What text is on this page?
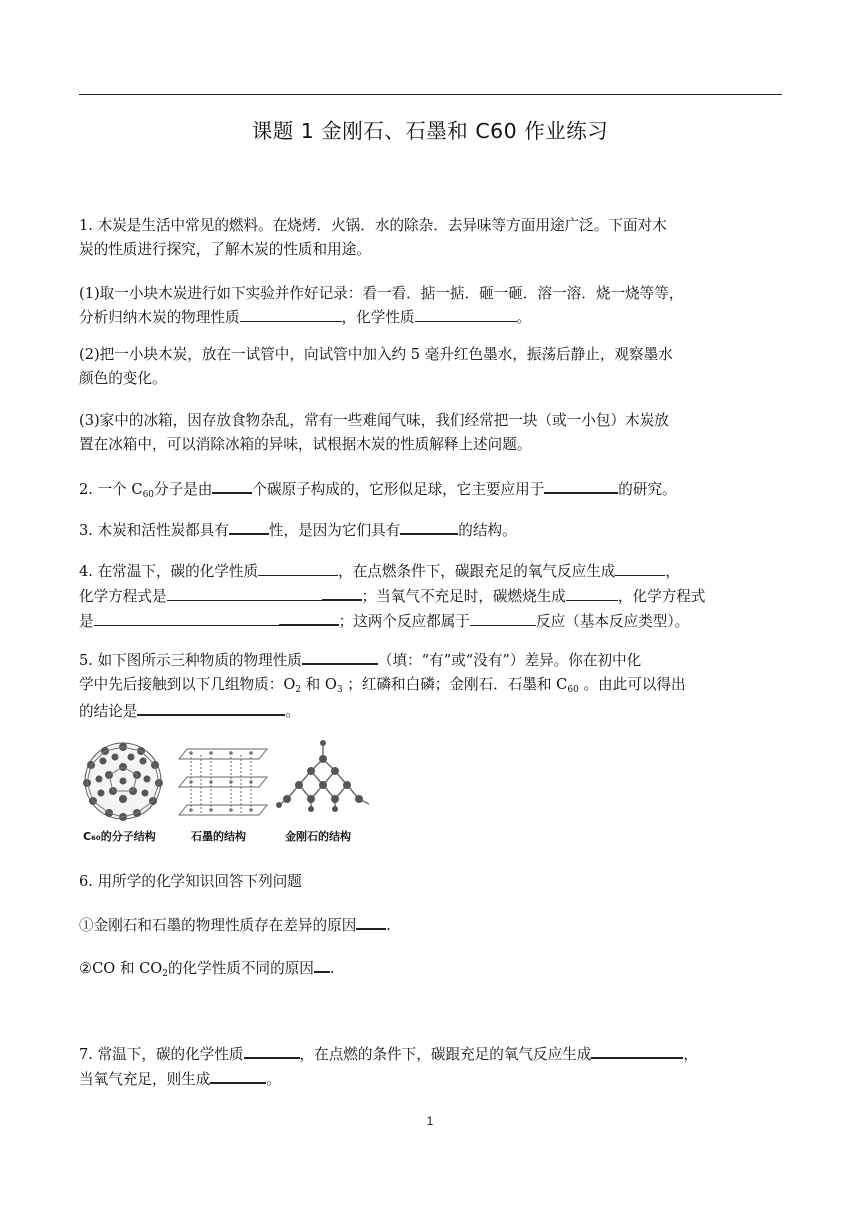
课题 1 金刚石、石墨和 C60 作业练习
1. 木炭是生活中常见的燃料。在烧烤．火锅．水的除杂．去异味等方面用途广泛。下面对木
炭的性质进行探究，了解木炭的性质和用途。
(1)取一小块木炭进行如下实验并作好记录：看一看．掂一掂．砸一砸．溶一溶．烧一烧等等，
分析归纳木炭的物理性质	，化学性质	。
(2)把一小块木炭，放在一试管中，向试管中加入约 5 毫升红色墨水，振荡后静止，观察墨水
颜色的变化。
(3)家中的冰箱，因存放食物杂乱，常有一些难闻气味，我们经常把一块（或一小包）木炭放
置在冰箱中，可以消除冰箱的异味，试根据木炭的性质解释上述问题。
2. 一个 $C_{60}$分子是由	个碳原子构成的，它形似足球，它主要应用于	的研究。
3. 木炭和活性炭都具有	性，是因为它们具有	的结构。
4. 在常温下，碳的化学性质	，在点燃条件下，碳跟充足的氧气反应生成	，
化学方程式是	；当氧气不充足时，碳燃烧生成	，化学方程式
是	；这两个反应都属于	反应（基本反应类型）。
5. 如下图所示三种物质的物理性质	（填：“有”或“没有”）差异。你在初中化
学中先后接触到以下几组物质：$O_2$ 和 $O_3$ ；红磷和白磷；金刚石．石墨和 $C_{60}$ 。由此可以得出
的结论是	。
C₆₀的分子结构	石墨的结构	金刚石的结构
6. 用所学的化学知识回答下列问题
①金刚石和石墨的物理性质存在差异的原因 .
②CO 和 $CO_2$的化学性质不同的原因 .
7. 常温下，碳的化学性质	，在点燃的条件下，碳跟充足的氧气反应生成	，
当氧气充足，则生成	。
1
